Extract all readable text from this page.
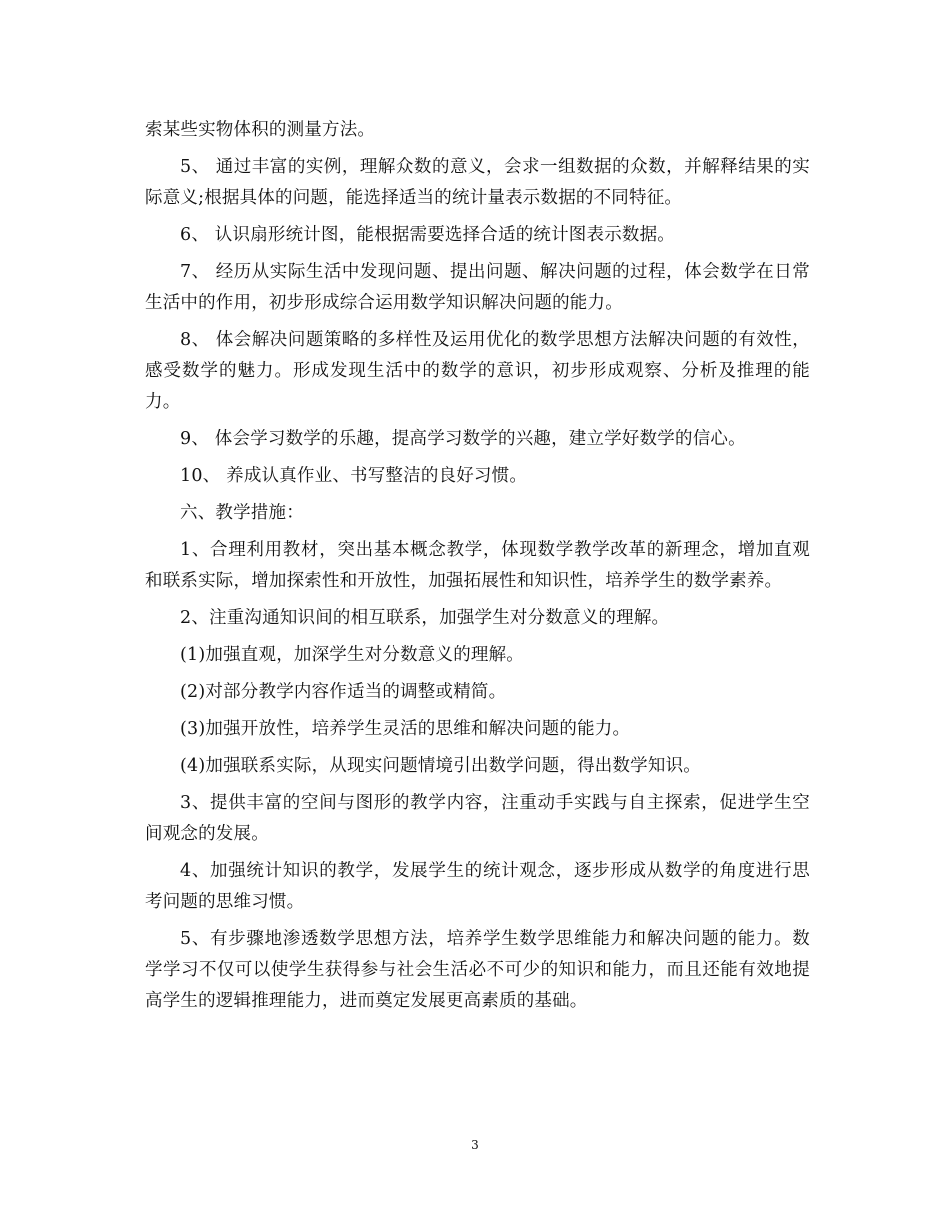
索某些实物体积的测量方法。

5、 通过丰富的实例，理解众数的意义，会求一组数据的众数，并解释结果的实际意义;根据具体的问题，能选择适当的统计量表示数据的不同特征。

6、 认识扇形统计图，能根据需要选择合适的统计图表示数据。

7、 经历从实际生活中发现问题、提出问题、解决问题的过程，体会数学在日常生活中的作用，初步形成综合运用数学知识解决问题的能力。

8、 体会解决问题策略的多样性及运用优化的数学思想方法解决问题的有效性，感受数学的魅力。形成发现生活中的数学的意识，初步形成观察、分析及推理的能力。

9、 体会学习数学的乐趣，提高学习数学的兴趣，建立学好数学的信心。

10、 养成认真作业、书写整洁的良好习惯。

六、教学措施：

1、合理利用教材，突出基本概念教学，体现数学教学改革的新理念，增加直观和联系实际，增加探索性和开放性，加强拓展性和知识性，培养学生的数学素养。

2、注重沟通知识间的相互联系，加强学生对分数意义的理解。

(1)加强直观，加深学生对分数意义的理解。

(2)对部分教学内容作适当的调整或精简。

(3)加强开放性，培养学生灵活的思维和解决问题的能力。

(4)加强联系实际，从现实问题情境引出数学问题，得出数学知识。

3、提供丰富的空间与图形的教学内容，注重动手实践与自主探索，促进学生空间观念的发展。

4、加强统计知识的教学，发展学生的统计观念，逐步形成从数学的角度进行思考问题的思维习惯。

5、有步骤地渗透数学思想方法，培养学生数学思维能力和解决问题的能力。数学学习不仅可以使学生获得参与社会生活必不可少的知识和能力，而且还能有效地提高学生的逻辑推理能力，进而奠定发展更高素质的基础。

3
